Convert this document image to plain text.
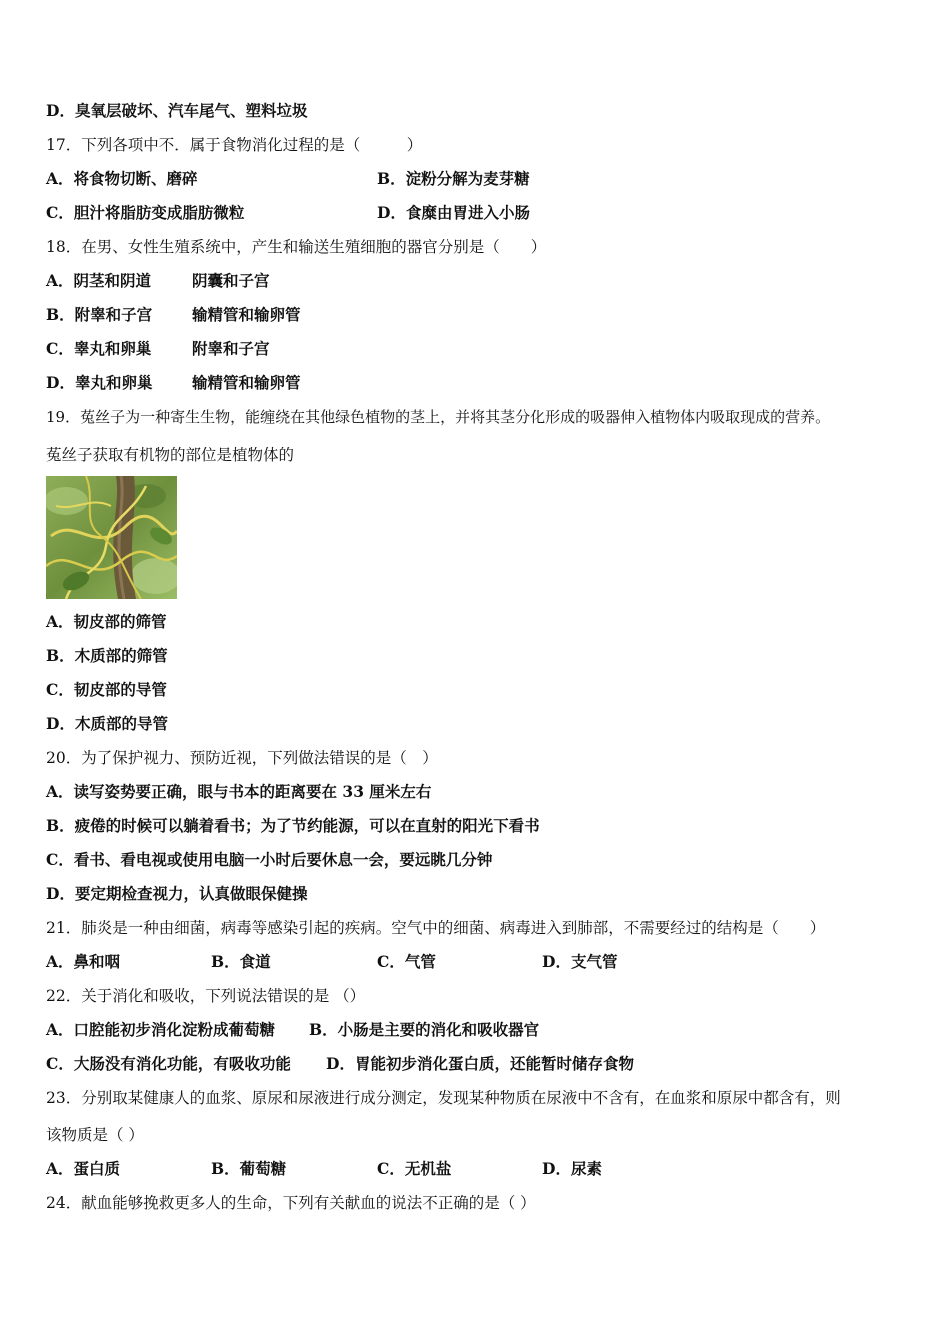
D．臭氧层破坏、汽车尾气、塑料垃圾
17．下列各项中不．属于食物消化过程的是（　　　）
A．将食物切断、磨碎	B．淀粉分解为麦芽糖
C．胆汁将脂肪变成脂肪微粒	D．食糜由胃进入小肠
18．在男、女性生殖系统中，产生和输送生殖细胞的器官分别是（　　）
A．阴茎和阴道	阴囊和子宫
B．附睾和子宫	输精管和输卵管
C．睾丸和卵巢	附睾和子宫
D．睾丸和卵巢	输精管和输卵管
19．菟丝子为一种寄生生物，能缠绕在其他绿色植物的茎上，并将其茎分化形成的吸器伸入植物体内吸取现成的营养。
菟丝子获取有机物的部位是植物体的
A．韧皮部的筛管
B．木质部的筛管
C．韧皮部的导管
D．木质部的导管
20．为了保护视力、预防近视，下列做法错误的是（　）
A．读写姿势要正确，眼与书本的距离要在 33 厘米左右
B．疲倦的时候可以躺着看书；为了节约能源，可以在直射的阳光下看书
C．看书、看电视或使用电脑一小时后要休息一会，要远眺几分钟
D．要定期检查视力，认真做眼保健操
21．肺炎是一种由细菌，病毒等感染引起的疾病。空气中的细菌、病毒进入到肺部，不需要经过的结构是（　　）
A．鼻和咽	B．食道	C．气管	D．支气管
22．关于消化和吸收，下列说法错误的是 （）
A．口腔能初步消化淀粉成葡萄糖 B．小肠是主要的消化和吸收器官
C．大肠没有消化功能，有吸收功能 D．胃能初步消化蛋白质，还能暂时储存食物
23．分别取某健康人的血浆、原尿和尿液进行成分测定，发现某种物质在尿液中不含有，在血浆和原尿中都含有，则
该物质是（ ）
A．蛋白质	B．葡萄糖	C．无机盐	D．尿素
24．献血能够挽救更多人的生命，下列有关献血的说法不正确的是（ ）
